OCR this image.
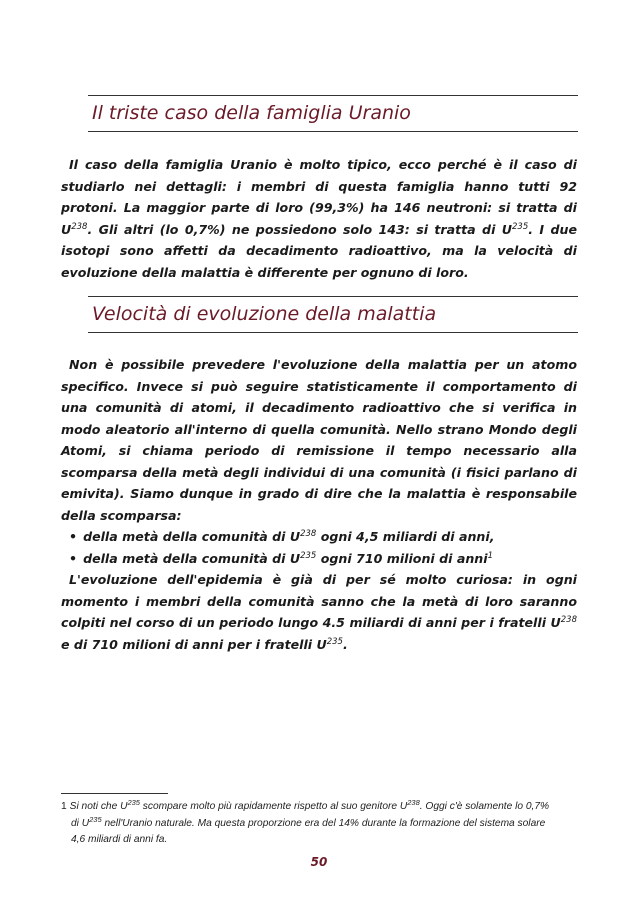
Il triste caso della famiglia Uranio

Il caso della famiglia Uranio è molto tipico, ecco perché è il caso di studiarlo nei dettagli: i membri di questa famiglia hanno tutti 92 protoni. La maggior parte di loro (99,3%) ha 146 neutroni: si tratta di $U^{238}$. Gli altri (lo 0,7%) ne possiedono solo 143: si tratta di $U^{235}$. I due isotopi sono affetti da decadimento radioattivo, ma la velocità di evoluzione della malattia è differente per ognuno di loro.

Velocità di evoluzione della malattia

Non è possibile prevedere l'evoluzione della malattia per un atomo specifico. Invece si può seguire statisticamente il comportamento di una comunità di atomi, il decadimento radioattivo che si verifica in modo aleatorio all'interno di quella comunità. Nello strano Mondo degli Atomi, si chiama periodo di remissione il tempo necessario alla scomparsa della metà degli individui di una comunità (i fisici parlano di emivita). Siamo dunque in grado di dire che la malattia è responsabile della scomparsa:

• della metà della comunità di $U^{238}$ ogni 4,5 miliardi di anni,

• della metà della comunità di $U^{235}$ ogni 710 milioni di anni$^1$

L'evoluzione dell'epidemia è già di per sé molto curiosa: in ogni momento i membri della comunità sanno che la metà di loro saranno colpiti nel corso di un periodo lungo 4.5 miliardi di anni per i fratelli $U^{238}$ e di 710 milioni di anni per i fratelli $U^{235}$.

1 Si noti che $U^{235}$ scompare molto più rapidamente rispetto al suo genitore $U^{238}$. Oggi c'è solamente lo 0,7%
di $U^{235}$ nell'Uranio naturale. Ma questa proporzione era del 14% durante la formazione del sistema solare
4,6 miliardi di anni fa.

50
